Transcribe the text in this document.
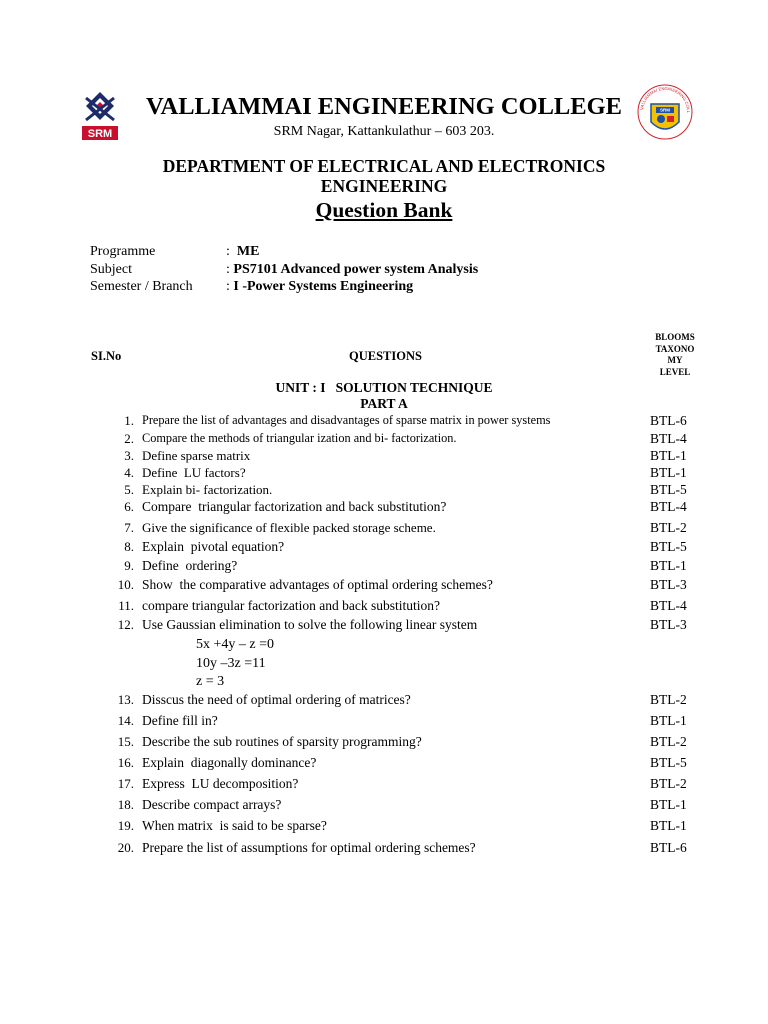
SRM
VALLIAMMAI ENGINEERING COLL
SRM
VALLIAMMAI ENGINEERING COLLEGE
SRM Nagar, Kattankulathur – 603 203.
DEPARTMENT OF ELECTRICAL AND ELECTRONICS
ENGINEERING
Question Bank
Programme	: ME
Subject	: PS7101 Advanced power system Analysis
Semester / Branch : I -Power Systems Engineering
SI.No	QUESTIONS
BLOOMS
TAXONO
MY
LEVEL
UNIT : I   SOLUTION TECHNIQUE
PART A
1. Prepare the list of advantages and disadvantages of sparse matrix in power systems	BTL-6
2. Compare the methods of triangular ization and bi- factorization.	BTL-4
3. Define sparse matrix	BTL-1
4. Define  LU factors?	BTL-1
5. Explain bi- factorization.	BTL-5
6. Compare  triangular factorization and back substitution?	BTL-4
7. Give the significance of flexible packed storage scheme.	BTL-2
8. Explain  pivotal equation?	BTL-5
9. Define  ordering?	BTL-1
10. Show  the comparative advantages of optimal ordering schemes?	BTL-3
11. compare triangular factorization and back substitution?	BTL-4
12. Use Gaussian elimination to solve the following linear system	BTL-3
5x +4y – z =0
10y –3z =11
z = 3
13. Disscus the need of optimal ordering of matrices?	BTL-2
14. Define fill in?	BTL-1
15. Describe the sub routines of sparsity programming?	BTL-2
16. Explain  diagonally dominance?	BTL-5
17. Express  LU decomposition?	BTL-2
18. Describe compact arrays?	BTL-1
19. When matrix  is said to be sparse?	BTL-1
20. Prepare the list of assumptions for optimal ordering schemes?	BTL-6
